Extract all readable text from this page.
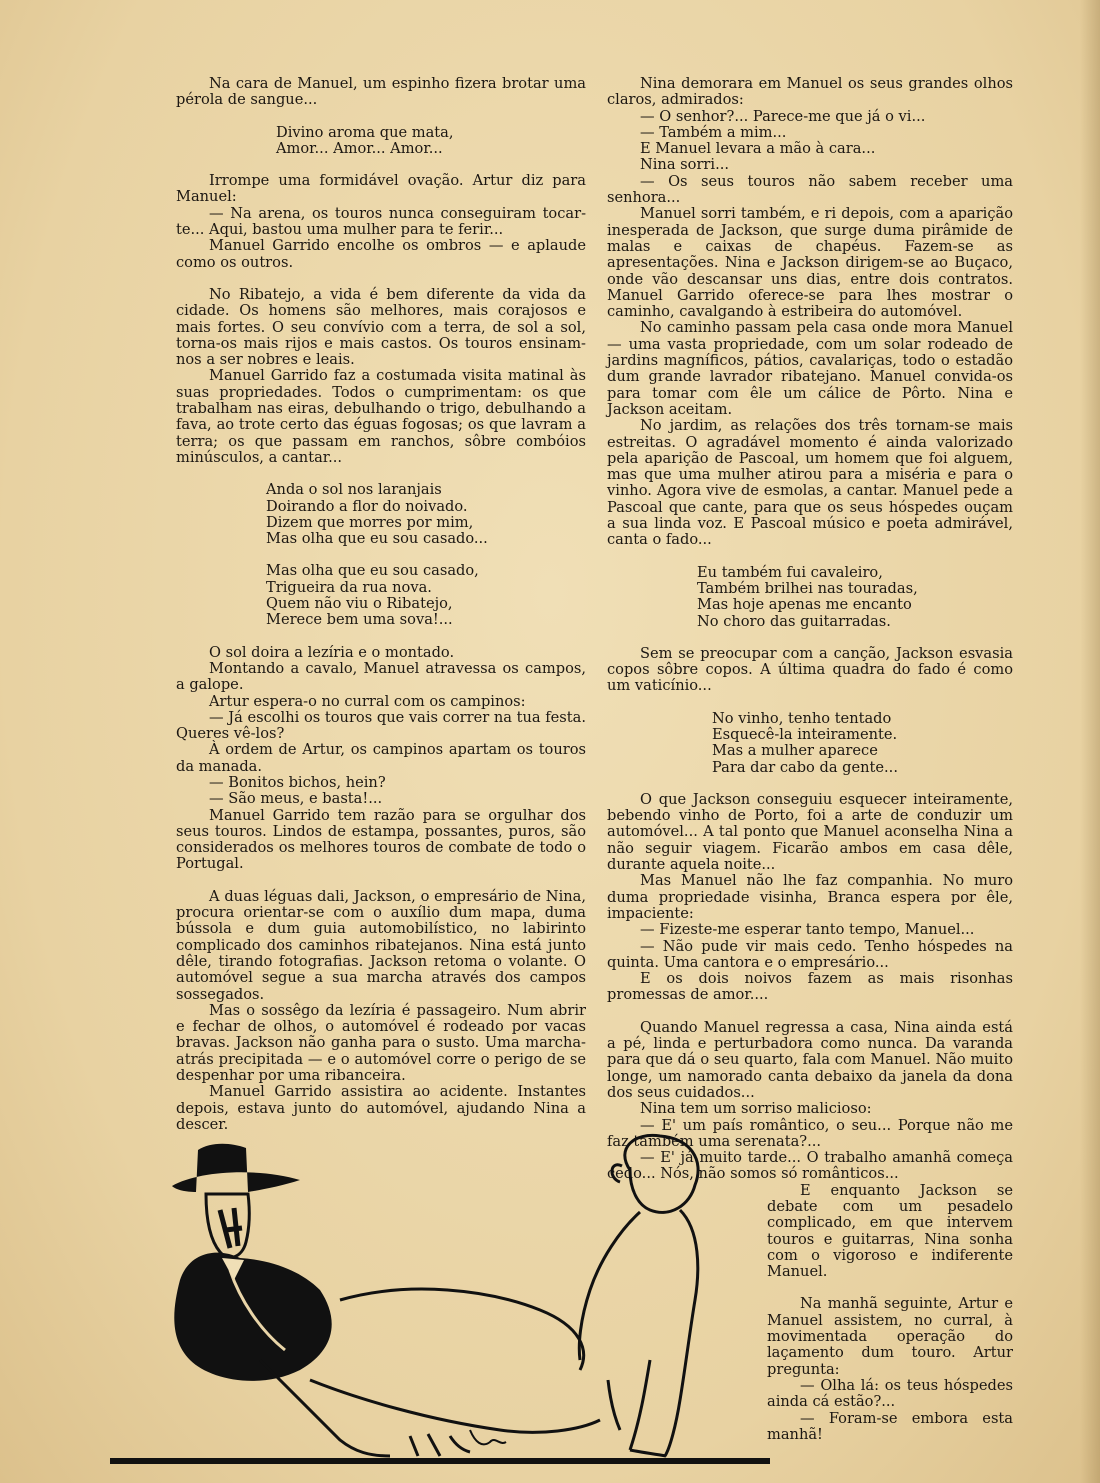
Na cara de Manuel, um espinho fizera brotar uma pérola de sangue...

Divino aroma que mata,
Amor... Amor... Amor...

Irrompe uma formidável ovação. Artur diz para Manuel:

— Na arena, os touros nunca conseguiram tocar-te... Aqui, bastou uma mulher para te ferir...

Manuel Garrido encolhe os ombros — e aplaude como os outros.

No Ribatejo, a vida é bem diferente da vida da cidade. Os homens são melhores, mais corajosos e mais fortes. O seu convívio com a terra, de sol a sol, torna-os mais rijos e mais castos. Os touros ensinam-nos a ser nobres e leais.

Manuel Garrido faz a costumada visita matinal às suas propriedades. Todos o cumprimentam: os que trabalham nas eiras, debulhando o trigo, debulhando a fava, ao trote certo das éguas fogosas; os que lavram a terra; os que passam em ranchos, sôbre combóios minúsculos, a cantar...

Anda o sol nos laranjais
Doirando a flor do noivado.
Dizem que morres por mim,
Mas olha que eu sou casado...
Mas olha que eu sou casado,
Trigueira da rua nova.
Quem não viu o Ribatejo,
Merece bem uma sova!...

O sol doira a lezíria e o montado.

Montando a cavalo, Manuel atravessa os campos, a galope.

Artur espera-o no curral com os campinos:

— Já escolhi os touros que vais correr na tua festa. Queres vê-los?

À ordem de Artur, os campinos apartam os touros da manada.

— Bonitos bichos, hein?

— São meus, e basta!...

Manuel Garrido tem razão para se orgulhar dos seus touros. Lindos de estampa, possantes, puros, são considerados os melhores touros de combate de todo o Portugal.

A duas léguas dali, Jackson, o empresário de Nina, procura orientar-se com o auxílio dum mapa, duma bússola e dum guia automobilístico, no labirinto complicado dos caminhos ribatejanos. Nina está junto dêle, tirando fotografias. Jackson retoma o volante. O automóvel segue a sua marcha através dos campos sossegados.

Mas o sossêgo da lezíria é passageiro. Num abrir e fechar de olhos, o automóvel é rodeado por vacas bravas. Jackson não ganha para o susto. Uma marcha-atrás precipitada — e o automóvel corre o perigo de se despenhar por uma ribanceira.

Manuel Garrido assistira ao acidente. Instantes depois, estava junto do automóvel, ajudando Nina a descer.

Nina demorara em Manuel os seus grandes olhos claros, admirados:

— O senhor?... Parece-me que já o vi...

— Também a mim...

E Manuel levara a mão à cara...

Nina sorri...

— Os seus touros não sabem receber uma senhora...

Manuel sorri também, e ri depois, com a aparição inesperada de Jackson, que surge duma pirâmide de malas e caixas de chapéus. Fazem-se as apresentações. Nina e Jackson dirigem-se ao Buçaco, onde vão descansar uns dias, entre dois contratos. Manuel Garrido oferece-se para lhes mostrar o caminho, cavalgando à estribeira do automóvel.

No caminho passam pela casa onde mora Manuel — uma vasta propriedade, com um solar rodeado de jardins magníficos, pátios, cavalariças, todo o estadão dum grande lavrador ribatejano. Manuel convida-os para tomar com êle um cálice de Pôrto. Nina e Jackson aceitam.

No jardim, as relações dos três tornam-se mais estreitas. O agradável momento é ainda valorizado pela aparição de Pascoal, um homem que foi alguem, mas que uma mulher atirou para a miséria e para o vinho. Agora vive de esmolas, a cantar. Manuel pede a Pascoal que cante, para que os seus hóspedes ouçam a sua linda voz. E Pascoal músico e poeta admirável, canta o fado...

Eu também fui cavaleiro,
Também brilhei nas touradas,
Mas hoje apenas me encanto
No choro das guitarradas.

Sem se preocupar com a canção, Jackson esvasia copos sôbre copos. A última quadra do fado é como um vaticínio...

No vinho, tenho tentado
Esquecê-la inteiramente.
Mas a mulher aparece
Para dar cabo da gente...

O que Jackson conseguiu esquecer inteiramente, bebendo vinho de Porto, foi a arte de conduzir um automóvel... A tal ponto que Manuel aconselha Nina a não seguir viagem. Ficarão ambos em casa dêle, durante aquela noite...

Mas Manuel não lhe faz companhia. No muro duma propriedade visinha, Branca espera por êle, impaciente:

— Fizeste-me esperar tanto tempo, Manuel...

— Não pude vir mais cedo. Tenho hóspedes na quinta. Uma cantora e o empresário...

E os dois noivos fazem as mais risonhas promessas de amor....

Quando Manuel regressa a casa, Nina ainda está a pé, linda e perturbadora como nunca. Da varanda para que dá o seu quarto, fala com Manuel. Não muito longe, um namorado canta debaixo da janela da dona dos seus cuidados...

Nina tem um sorriso malicioso:

— E' um país romântico, o seu... Porque não me faz também uma serenata?...

— E' já muito tarde... O trabalho amanhã começa cedo... Nós, não somos só românticos...

E enquanto Jackson se debate com um pesadelo complicado, em que intervem touros e guitarras, Nina sonha com o vigoroso e indiferente Manuel.

Na manhã seguinte, Artur e Manuel assistem, no curral, à movimentada operação do laçamento dum touro. Artur pregunta:

— Olha lá: os teus hóspedes ainda cá estão?...

— Foram-se embora esta manhã!
